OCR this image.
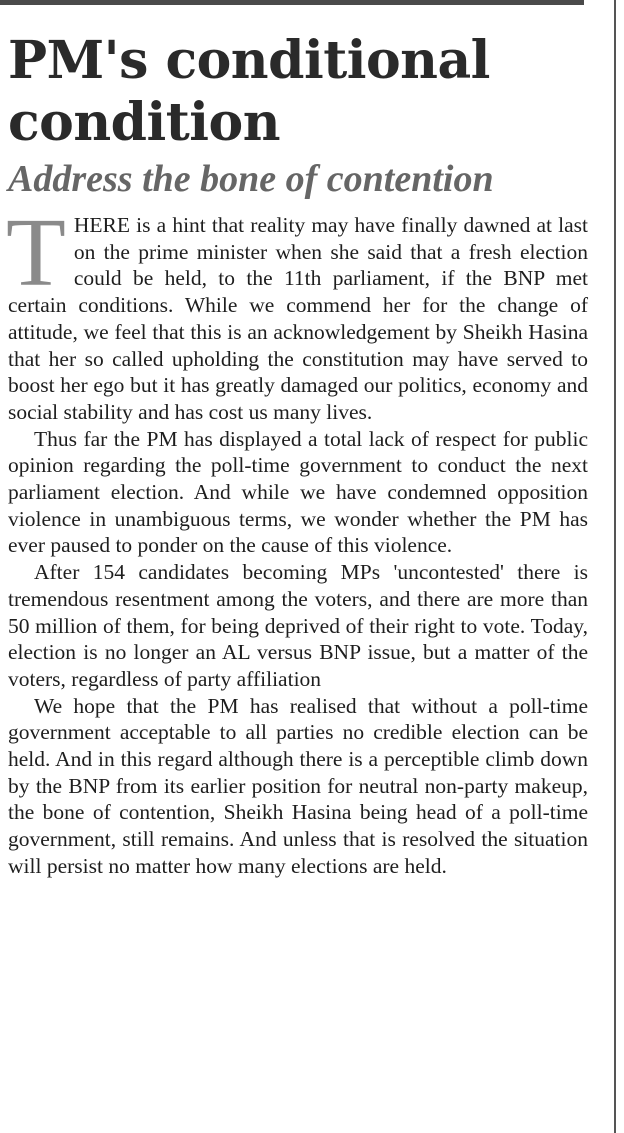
PM's conditional condition
Address the bone of contention

THERE is a hint that reality may have finally dawned at last on the prime minister when she said that a fresh election could be held, to the 11th parliament, if the BNP met certain conditions. While we commend her for the change of attitude, we feel that this is an acknowledgement by Sheikh Hasina that her so called upholding the constitution may have served to boost her ego but it has greatly damaged our politics, economy and social stability and has cost us many lives.

Thus far the PM has displayed a total lack of respect for public opinion regarding the poll-time government to conduct the next parliament election. And while we have condemned opposition violence in unambiguous terms, we wonder whether the PM has ever paused to ponder on the cause of this violence.

After 154 candidates becoming MPs 'uncontested' there is tremendous resentment among the voters, and there are more than 50 million of them, for being deprived of their right to vote. Today, election is no longer an AL versus BNP issue, but a matter of the voters, regardless of party affiliation

We hope that the PM has realised that without a poll-time government acceptable to all parties no credible election can be held. And in this regard although there is a perceptible climb down by the BNP from its earlier position for neutral non-party makeup, the bone of contention, Sheikh Hasina being head of a poll-time government, still remains. And unless that is resolved the situation will persist no matter how many elections are held.
